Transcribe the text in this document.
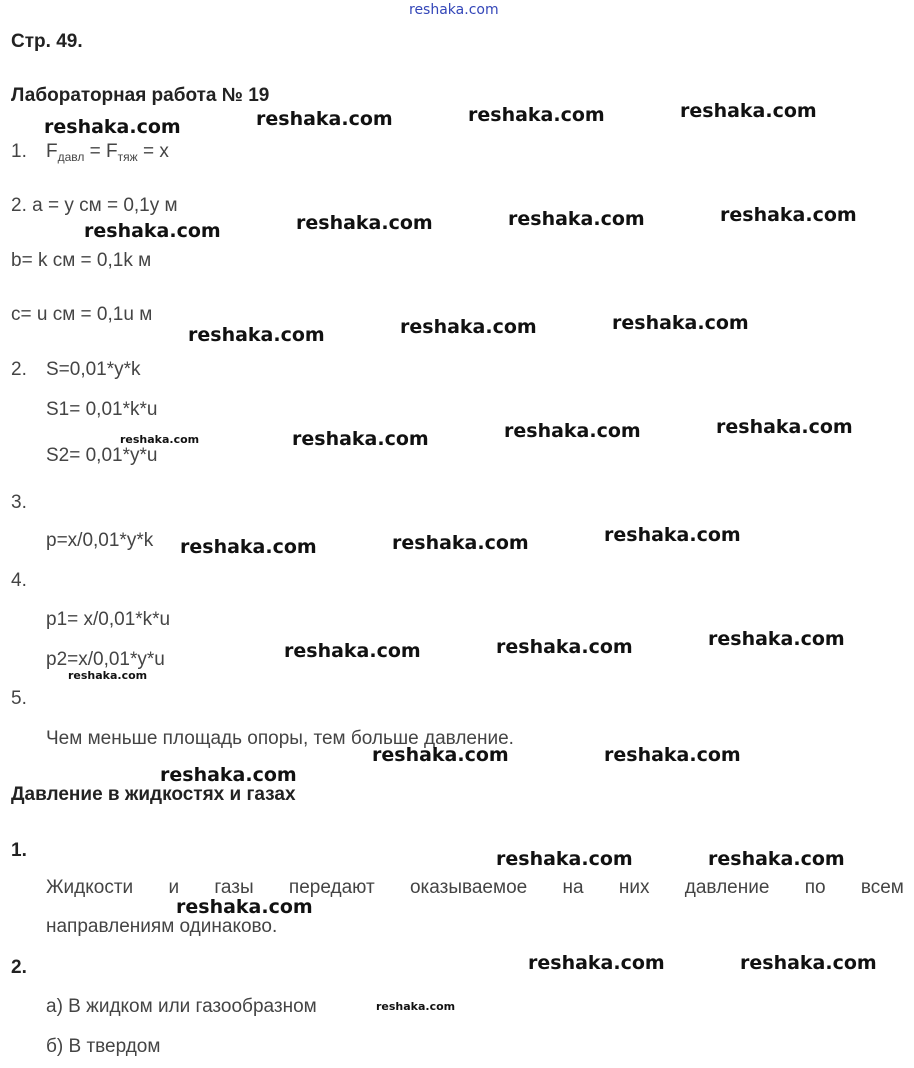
reshaka.com
Стр. 49.
Лабораторная работа № 19
1. $F_{давл} = F_{тяж} = x$
2. a = y см = 0,1y м
b= k см = 0,1k м
c= u см = 0,1u м
2. S=0,01*y*k
S1= 0,01*k*u
S2= 0,01*y*u
3.
p=x/0,01*y*k
4.
p1= x/0,01*k*u
p2=x/0,01*y*u
5.
Чем меньше площадь опоры, тем больше давление.
Давление в жидкостях и газах
1.
Жидкости и газы передают оказываемое на них давление по всем
направлениям одинаково.
2.
а) В жидком или газообразном
б) В твердом
reshaka.com	reshaka.com	reshaka.com	reshaka.com
reshaka.com	reshaka.com	reshaka.com	reshaka.com
reshaka.com	reshaka.com	reshaka.com
reshaka.com	reshaka.com	reshaka.com	reshaka.com
reshaka.com	reshaka.com	reshaka.com
reshaka.com	reshaka.com	reshaka.com
reshaka.com
reshaka.com	reshaka.com
reshaka.com
reshaka.com	reshaka.com
reshaka.com
reshaka.com	reshaka.com
reshaka.com
